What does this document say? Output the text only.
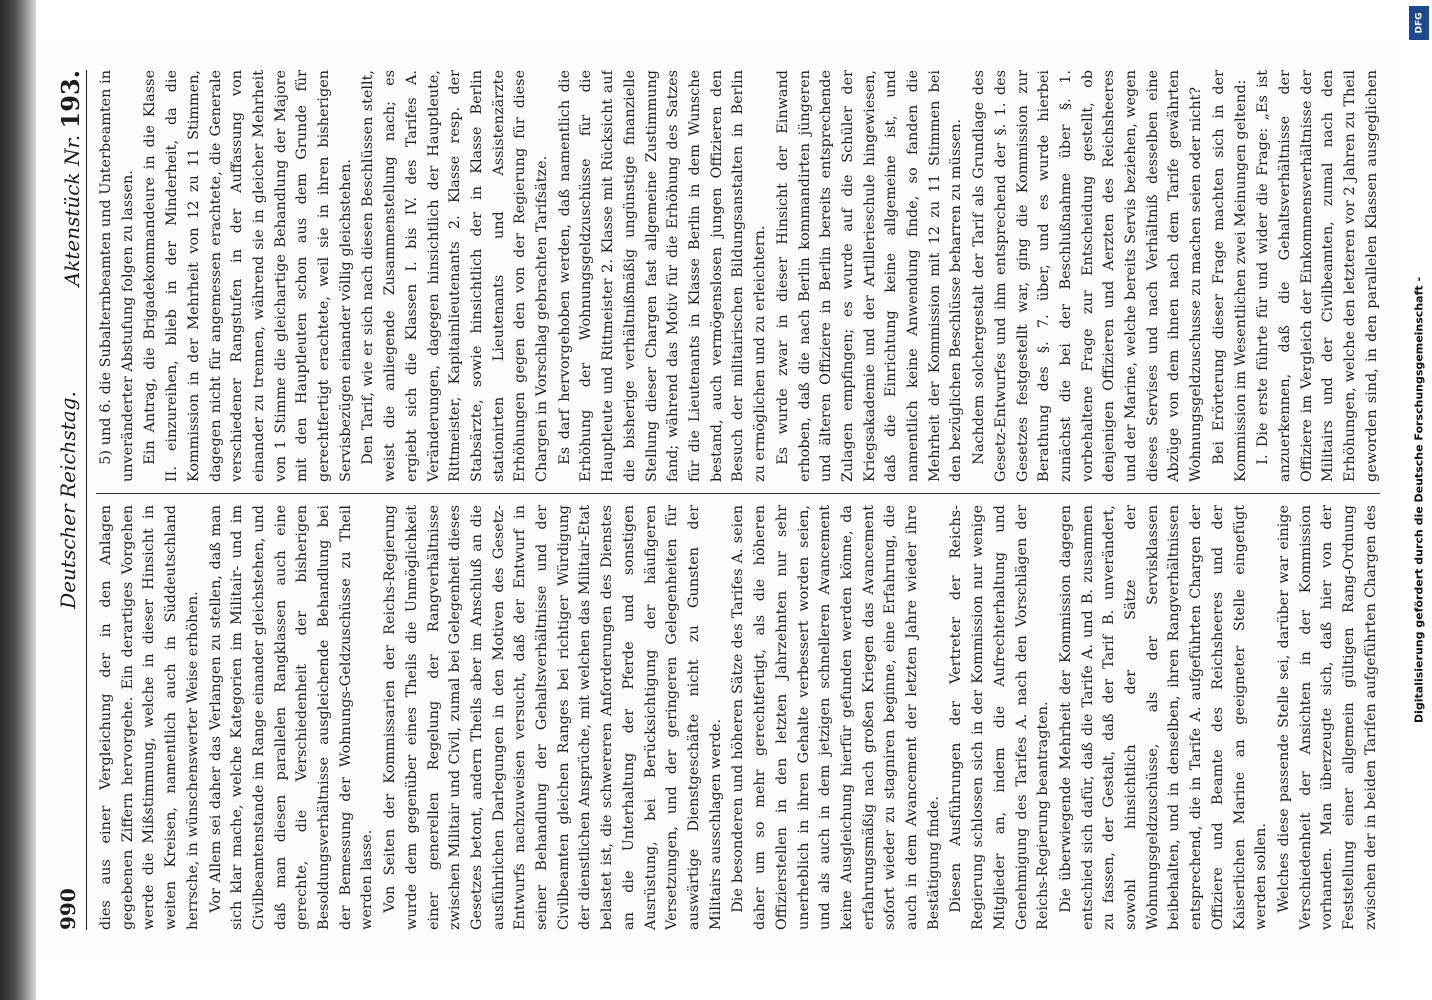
990
Deutscher Reichstag.
Aktenstück Nr. 193.

dies aus einer Vergleichung der in den Anlagen gegebenen Ziffern hervorgehe. Ein derartiges Vorgehen werde die Mißstimmung, welche in dieser Hinsicht in weiten Kreisen, namentlich auch in Süddeutschland herrsche, in wünschenswerter Weise erhöhen. Vor Allem sei daher das Verlangen zu stellen, daß man sich klar mache, welche Kategorien im Militair- und im Civilbeamtenstande im Range einander gleichstehen, und daß man diesen parallelen Rangklassen auch eine gerechte, die Verschiedenheit der bisherigen Besoldungsverhältnisse ausgleichende Behandlung bei der Bemessung der Wohnungs-Geldzuschüsse zu Theil werden lasse. Von Seiten der Kommissarien der Reichs-Regierung wurde dem gegenüber eines Theils die Unmöglichkeit einer generellen Regelung der Rangverhältnisse zwischen Militair und Civil, zumal bei Gelegenheit dieses Gesetzes betont, andern Theils aber im Anschluß an die ausführlichen Darlegungen in den Motiven des Gesetz-Entwurfs nachzuweisen versucht, daß der Entwurf in seiner Behandlung der Gehaltsverhältnisse und der Civilbeamten gleichen Ranges bei richtiger Würdigung der dienstlichen Ansprüche, mit welchen das Militair-Etat belastet ist, die schwereren Anforderungen des Dienstes an die Unterhaltung der Pferde und sonstigen Ausrüstung, bei Berücksichtigung der häufigeren Versetzungen, und der geringeren Gelegenheiten für auswärtige Dienstgeschäfte nicht zu Gunsten der Militairs ausschlagen werde. Die besonderen und höheren Sätze des Tarifes A. seien daher um so mehr gerechtfertigt, als die höheren Offizierstellen in den letzten Jahrzehnten nur sehr unerheblich in ihren Gehalte verbessert worden seien, und als auch in dem jetzigen schnelleren Avancement keine Ausgleichung hierfür gefunden werden könne, da erfahrungsmäßig nach großen Kriegen das Avancement sofort wieder zu stagniren beginne, eine Erfahrung, die auch in dem Avancement der letzten Jahre wieder ihre Bestätigung finde. Diesen Ausführungen der Vertreter der Reichs-Regierung schlossen sich in der Kommission nur wenige Mitglieder an, indem die Aufrechterhaltung und Genehmigung des Tarifes A. nach den Vorschlägen der Reichs-Regierung beantragten. Die überwiegende Mehrheit der Kommission dagegen entschied sich dafür, daß die Tarife A. und B. zusammen zu fassen, der Gestalt, daß der Tarif B. unverändert, sowohl hinsichtlich der Sätze der Wohnungsgeldzuschüsse, als der Servisklassen beibehalten, und in denselben, ihren Rangverhältnissen entsprechend, die in Tarife A. aufgeführten Chargen der Offiziere und Beamte des Reichsheeres und der Kaiserlichen Marine an geeigneter Stelle eingefügt werden sollen. Welches diese passende Stelle sei, darüber war einige Verschiedenheit der Ansichten in der Kommission vorhanden. Man überzeugte sich, daß hier von der Feststellung einer allgemein gültigen Rang-Ordnung zwischen der in beiden Tarifen aufgeführten Chargen des

5) und 6. die Subalternbeamten und Unterbeamten in unveränderter Abstufung folgen zu lassen. Ein Antrag, die Brigadekommandeure in die Klasse II. einzureihen, blieb in der Minderheit, da die Kommission in der Mehrheit von 12 zu 11 Stimmen, dagegen nicht für angemessen erachtete, die Generale verschiedener Rangstufen in der Auffassung von einander zu trennen, während sie in gleicher Mehrheit von 1 Stimme die gleichartige Behandlung der Majore mit den Hauptleuten schon aus dem Grunde für gerechtfertigt erachtete, weil sie in ihren bisherigen Servisbezügen einander völlig gleichstehen. Den Tarif, wie er sich nach diesen Beschlüssen stellt, weist die anliegende Zusammenstellung nach; es ergiebt sich die Klassen I. bis IV. des Tarifes A. Veränderungen, dagegen hinsichtlich der Hauptleute, Rittmeister, Kapitainlieutenants 2. Klasse resp. der Stabsärzte, sowie hinsichtlich der in Klasse Berlin stationirten Lieutenants und Assistenzärzte Erhöhungen gegen den von der Regierung für diese Chargen in Vorschlag gebrachten Tarifsätze. Es darf hervorgehoben werden, daß namentlich die Erhöhung der Wohnungsgeldzuschüsse für die Hauptleute und Rittmeister 2. Klasse mit Rücksicht auf die bisherige verhältnißmäßig ungünstige finanzielle Stellung dieser Chargen fast allgemeine Zustimmung fand; während das Motiv für die Erhöhung des Satzes für die Lieutenants in Klasse Berlin in dem Wunsche bestand, auch vermögenslosen jungen Offizieren den Besuch der militairischen Bildungsanstalten in Berlin zu ermöglichen und zu erleichtern. Es wurde zwar in dieser Hinsicht der Einwand erhoben, daß die nach Berlin kommandirten jüngeren und älteren Offiziere in Berlin bereits entsprechende Zulagen empfingen; es wurde auf die Schüler der Kriegsakademie und der Artillerieschule hingewiesen, daß die Einrichtung keine allgemeine ist, und namentlich keine Anwendung finde, so fanden die Mehrheit der Kommission mit 12 zu 11 Stimmen bei den bezüglichen Beschlüsse beharren zu müssen. Nachdem solchergestalt der Tarif als Grundlage des Gesetz-Entwurfes und ihm entsprechend der §. 1. des Gesetzes festgestellt war, ging die Kommission zur Berathung des §. 7. über, und es wurde hierbei zunächst die bei der Beschlußnahme über §. 1. vorbehaltene Frage zur Entscheidung gestellt, ob denjenigen Offizieren und Aerzten des Reichsheeres und der Marine, welche bereits Servis beziehen, wegen dieses Servises und nach Verhältniß desselben eine Abzüge von dem ihnen nach dem Tarife gewährten Wohnungsgeldzuschusse zu machen seien oder nicht? Bei Erörterung dieser Frage machten sich in der Kommission im Wesentlichen zwei Meinungen geltend: I. Die erste führte für und wider die Frage: „Es ist anzuerkennen, daß die Gehaltsverhältnisse der Offiziere im Vergleich der Einkommensverhältnisse der Militairs und der Civilbeamten, zumal nach den Erhöhungen, welche den letzteren vor 2 Jahren zu Theil geworden sind, in den parallelen Klassen ausgeglichen

DFG
Digitalisierung gefördert durch die Deutsche Forschungsgemeinschaft -
